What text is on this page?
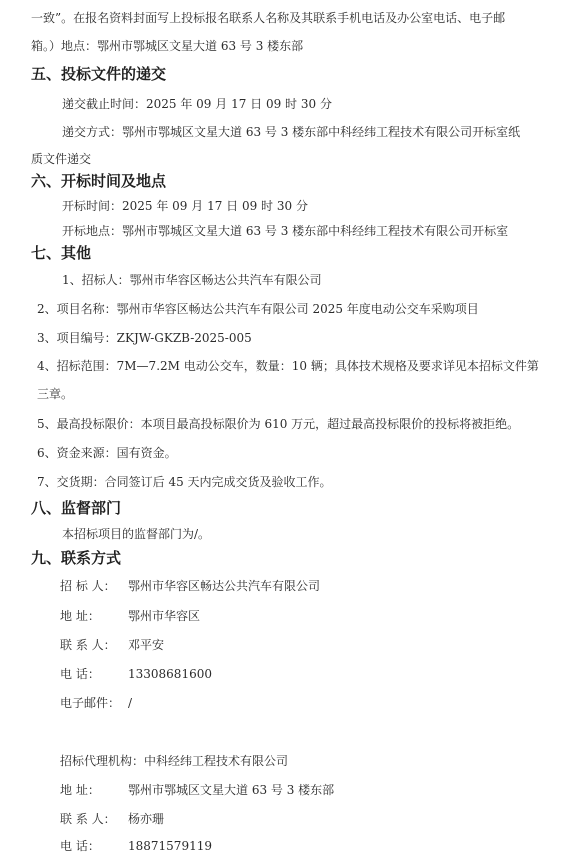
一致”。在报名资料封面写上投标报名联系人名称及其联系手机电话及办公室电话、电子邮
箱。）地点：鄂州市鄂城区文星大道 63 号 3 楼东部
五、投标文件的递交
递交截止时间：2025 年 09 月 17 日 09 时 30 分
递交方式：鄂州市鄂城区文星大道 63 号 3 楼东部中科经纬工程技术有限公司开标室纸
质文件递交
六、开标时间及地点
开标时间：2025 年 09 月 17 日 09 时 30 分
开标地点：鄂州市鄂城区文星大道 63 号 3 楼东部中科经纬工程技术有限公司开标室
七、其他
1、招标人：鄂州市华容区畅达公共汽车有限公司
2、项目名称：鄂州市华容区畅达公共汽车有限公司 2025 年度电动公交车采购项目
3、项目编号：ZKJW-GKZB-2025-005
4、招标范围：7M—7.2M 电动公交车，数量：10 辆；具体技术规格及要求详见本招标文件第
三章。
5、最高投标限价：本项目最高投标限价为 610 万元，超过最高投标限价的投标将被拒绝。
6、资金来源：国有资金。
7、交货期：合同签订后 45 天内完成交货及验收工作。
八、监督部门
本招标项目的监督部门为/。
九、联系方式
招 标 人： 鄂州市华容区畅达公共汽车有限公司
地 址： 鄂州市华容区
联 系 人： 邓平安
电 话： 13308681600
电子邮件： /
招标代理机构：中科经纬工程技术有限公司
地 址： 鄂州市鄂城区文星大道 63 号 3 楼东部
联 系 人： 杨亦珊
电 话： 18871579119
